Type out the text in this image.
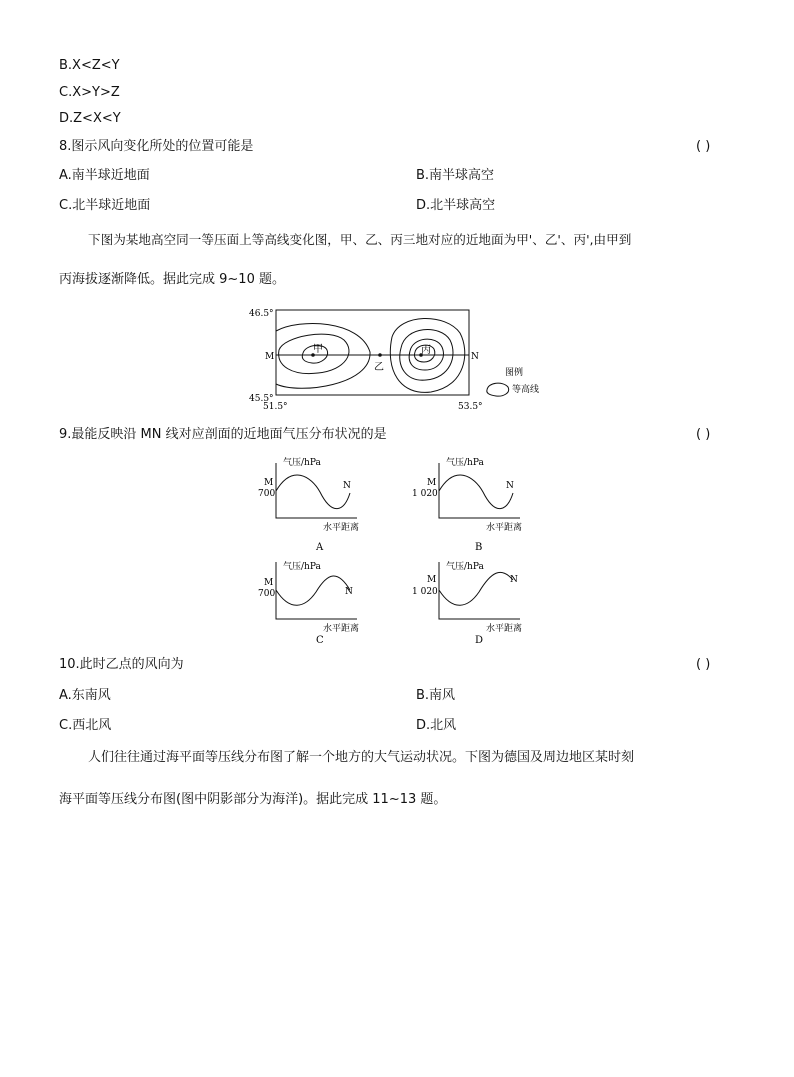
B.X<Z<Y
C.X>Y>Z
D.Z<X<Y
8.图示风向变化所处的位置可能是	( )
A.南半球近地面	B.南半球高空
C.北半球近地面	D.北半球高空
下图为某地高空同一等压面上等高线变化图，甲、乙、丙三地对应的近地面为甲'、乙'、丙',由甲到
丙海拔逐渐降低。据此完成 9~10 题。
9.最能反映沿 MN 线对应剖面的近地面气压分布状况的是	( )
10.此时乙点的风向为	( )
A.东南风	B.南风
C.西北风	D.北风
人们往往通过海平面等压线分布图了解一个地方的大气运动状况。下图为德国及周边地区某时刻
海平面等压线分布图(图中阴影部分为海洋)。据此完成 11~13 题。
46.5°
45.5°
51.5°	53.5°
M	N
甲
乙
丙
图例
等高线
气压/hPa
M
700
N
水平距离
A
气压/hPa
M
1 020
N
水平距离
B
气压/hPa
M
700	N
水平距离
C
气压/hPa
M
1 020
N
水平距离
D
